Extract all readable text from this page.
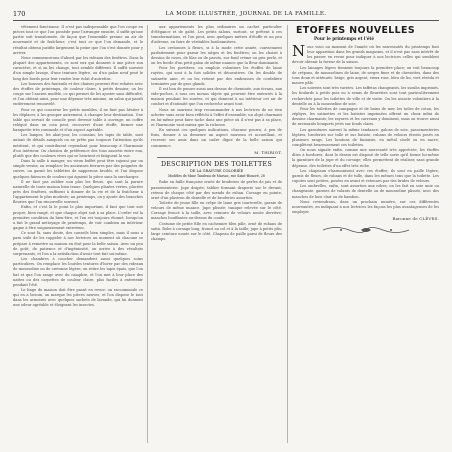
170	LA MODE ILLUSTRÉE, JOURNAL DE LA FAMILLE.

vêtement fonctionne. Il n'est pas indispensable que l'on coupe en pièces tout ce que l'on possède pour l'arranger ensuite, il suffit qu'une partie soit transformée, de façon que l'ensemble prenne un air de nouveauté et de fraîcheur; c'est tout ce que l'on demande, et le résultat obtenu justifie largement la peine que l'on s'est donnée pour y arriver.

Nous commencerons d'abord par les rideaux des fenêtres. Dans la plupart des appartements, ce sont eux qui donnent à une pièce son caractère, et si on les change, tout semble différent. Il suffit souvent d'un simple lavage, d'une teinture légère, ou d'un galon neuf posé le long des bords pour leur rendre leur éclat d'autrefois.

Les housses des fauteuils et des chaises peuvent être refaites avec des étoffes de printemps, de couleur claire, à petits dessins; on les coupe sur l'ancien modèle, ce qui permet de les ajuster sans difficulté, et l'on obtient ainsi, pour une dépense très minime, un salon qui paraît entièrement renouvelé.

Pour ce qui concerne les petits meubles, il ne faut pas hésiter à les déplacer, à les grouper autrement, à changer leur destination. Une table qui servait de console peut devenir table à ouvrage; un coffre relégué dans un coin peut, recouvert d'une étoffe, former une banquette très commode et d'un aspect agréable.

Les lampes, les abat-jour, les coussins, les tapis de table, sont autant de détails auxquels on ne prête pas toujours l'attention qu'ils méritent, et qui contribuent cependant pour beaucoup à l'harmonie d'un intérieur. On choisira de préférence des tons assortis entre eux, plutôt que des couleurs vives qui se heurtent et fatiguent la vue.

Dans la salle à manger, un vieux buffet peut être rajeuni par un simple vernis; on remplace les anciennes ferrures par des poignées de cuivre, on garnit les tablettes de napperons brodés, et l'on dispose quelques faïences de couleur qui égaient la pièce sans la surcharger.

Il ne faut pas oublier non plus les fleurs, qui sont la parure naturelle de toute maison bien tenue. Quelques plantes vertes, placées près des fenêtres, suffisent à donner de la vie et de la fraîcheur à l'appartement le plus modeste; au printemps, on y ajoute des branches fleuries que l'on renouvelle souvent.

Enfin, et c'est là le point le plus important, il faut que tout soit propre, bien rangé, et que chaque objet soit à sa place. L'ordre est la première condition du bien-être, et l'on est toujours étonné, lorsqu'on a fait le grand nettoyage de printemps, de voir combien un intérieur gagne à être soigneusement entretenu.

Ce sont là, sans doute, des conseils bien simples, mais il nous a paru utile de les rappeler à nos lectrices au moment où chacune se prépare à remettre sa maison en état pour la belle saison. Avec un peu de goût, de patience et d'ingéniosité, on arrive à des résultats surprenants, et l'on a la satisfaction d'avoir tout fait soi-même.

Les chambres à coucher demandent aussi quelques soins particuliers. On remplace les lourdes tentures d'hiver par des rideaux de mousseline ou de cretonne légère; on retire les tapis épais, que l'on bat et que l'on range avec du camphre, et l'on met à leur place des nattes ou des carpettes de couleur claire, plus faciles à entretenir pendant l'été.

Le linge de maison doit être passé en revue: on raccommode ce qui en a besoin, on marque les pièces neuves, et l'on dispose le tout dans les armoires avec quelques sachets de lavande, qui lui donnent une odeur agréable et éloignent les insectes.

aux appartements les plus ordinaires un cachet particulier d'élégance et de gaîté. Les petits salons, surtout, se prêtent à ces transformations, et l'on peut, avec quelques mètres d'étoffe et un peu d'adresse, en faire de véritables bonbonnières.

Les cretonnes à fleurs, si à la mode cette année, conviennent parfaitement pour garnir les sièges et les fenêtres; on les choisit à dessins de roses, de lilas ou de pavots, sur fond crème ou gris perle, et on les borde d'un petit galon de même nuance que la fleur dominante.

Pour les portières, on emploie volontiers les étoffes de laine rayées, qui sont à la fois solides et décoratives. On les double de satinette unie, et on les retient par des embrasses de cordelière terminées par de gros glands.

Il est bon de penser aussi aux dessus de cheminée, aux écrans, aux vide-poches, à tous ces menus objets qui peuvent être exécutés à la maison pendant les soirées, et qui donnent à un intérieur cet air de confort et d'intimité que l'on recherche avant tout.

Nous ne saurions trop recommander à nos lectrices de ne rien acheter sans avoir bien réfléchi à l'effet d'ensemble; un objet charmant en lui-même peut faire tache dans une pièce où il n'est pas à sa place, et l'harmonie vaut mieux que la richesse.

En suivant ces quelques indications, chacune pourra, à peu de frais, donner à sa demeure un aspect nouveau et accueillant, et recevoir ses amis dans un cadre digne de la belle saison qui commence.

M. THIRIOT.
DESCRIPTION DES TOILETTES
DE LA GRAVURE COLORIÉE
Modèles de Mme Tandeau de Marsac, rue Saint-Honoré, 28

Robe en faille française ornée de broderies de perles de jais et de passementerie. Jupe drapée; tablier formant draperie sur le devant, retenu de chaque côté par des nœuds de ruban. Corsage en pointe, orné d'un plastron de dentelle et de broderies assorties.

Toilette de jeune fille en crêpe de laine gris tourterelle, garnie de velours de même nuance. Jupe plissée; tunique relevée sur le côté. Corsage froncé à la taille, avec ceinture de velours nouée derrière; manches bouffantes au-dessus du coude.

Costume de petite fille en cachemire bleu pâle, orné de rubans de satin. Robe à corsage long, froncé au col et à la taille; jupe à petits plis; large ceinture nouée sur le côté. Chapeau de paille garni de fleurs des champs.

ÉTOFFES NOUVELLES
Pour le printemps et l'été
N ous voici au moment de l'année où les nouveautés du printemps font leur apparition dans les grands magasins, et il n'est pas sans intérêt de les passer en revue pour indiquer à nos lectrices celles qui semblent devoir obtenir la faveur de la saison.

Les lainages légers tiennent toujours la première place; on voit beaucoup de crépons, de mousselines de laine, de serges fines et de cheviottes, dans des tons doux et atténués: beige, gris argent, vieux rose, bleu de lin, vert réséda et mauve pâle.

Les soieries sont très variées. Les taffetas changeants, les surahs imprimés, les foulards à petits pois ou à semis de fleurettes sont tout particulièrement recherchés pour les toilettes de ville et de visite. On les associe volontiers à la dentelle ou à la mousseline de soie.

Pour les toilettes de campagne et de bains de mer, les toiles de coton, les zéphyrs, les satinettes et les batistes imprimées offrent un choix infini de dessins charmants; les rayures et les carreaux y dominent, mais on trouve aussi de ravissants bouquets jetés sur fonds clairs.

Les garnitures suivent la même tendance: galons de soie, passementeries légères, broderies sur tulle et sur batiste, rubans de velours étroits posés en plusieurs rangs. Les boutons de fantaisie, en métal ciselé ou en nacre, complètent heureusement ces toilettes.

On nous signale enfin, comme une nouveauté très appréciée, les étoffes dites à bordures, dont le dessin est disposé de telle sorte qu'il forme lui-même la garniture de la jupe et du corsage; elles permettent de réaliser, sans grande dépense, des toilettes d'un effet très riche.

Les chapeaux s'harmonisent avec ces étoffes; ils sont en paille légère, garnis de fleurs, de rubans et de tulle, dans les mêmes tons que la toilette. Les capotes sont petites, posées en avant et retenues par des brides de velours.

Les ombrelles, enfin, sont assorties aux robes; on les fait en soie unie ou changeante, garnies de volants de dentelle ou de mousseline plissée, avec des manches de bois clair ou de bambou.

Nous reviendrons, dans un prochain numéro, sur ces différentes nouveautés, en indiquant à nos lectrices les façons les plus avantageuses de les employer.

Baronne de CLÈVES.
